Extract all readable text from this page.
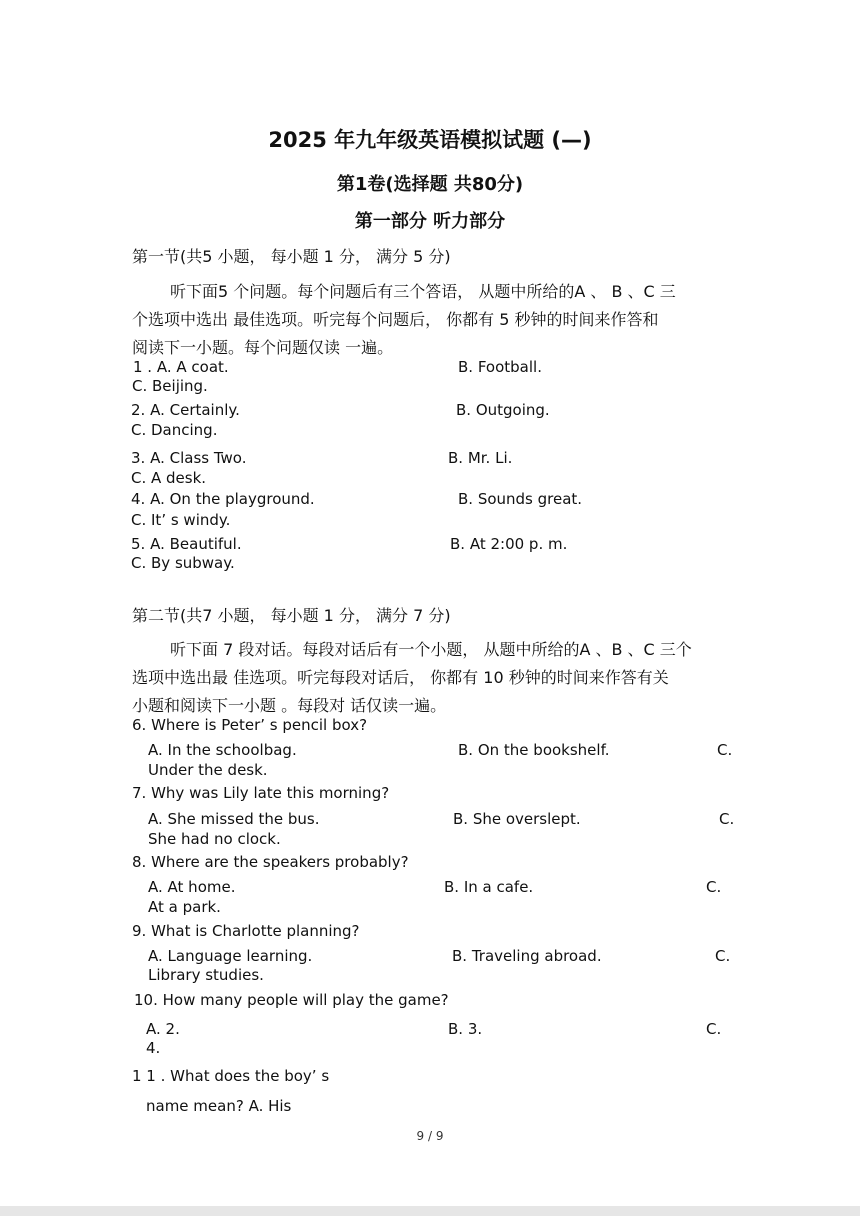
2025 年九年级英语模拟试题 (—)
第1卷(选择题 共80分)
第一部分 听力部分
第一节(共5 小题， 每小题 1 分， 满分 5 分)
听下面5 个问题。每个问题后有三个答语， 从题中所给的A 、 B 、C 三
个选项中选出 最佳选项。听完每个问题后， 你都有 5 秒钟的时间来作答和
阅读下一小题。每个问题仅读 一遍。
1 . A. A coat.	B. Football.
C. Beijing.
2. A. Certainly.	B. Outgoing.
C. Dancing.
3. A. Class Two.	B. Mr. Li.
C. A desk.
4. A. On the playground.	B. Sounds great.
C. It’ s windy.
5. A. Beautiful.	B. At 2:00 p. m.
C. By subway.
第二节(共7 小题， 每小题 1 分， 满分 7 分)
听下面 7 段对话。每段对话后有一个小题， 从题中所给的A 、B 、C 三个
选项中选出最 佳选项。听完每段对话后， 你都有 10 秒钟的时间来作答有关
小题和阅读下一小题 。每段对 话仅读一遍。
6. Where is Peter’ s pencil box?
A. In the schoolbag.	B. On the bookshelf.	C.
Under the desk.
7. Why was Lily late this morning?
A. She missed the bus.	B. She overslept.	C.
She had no clock.
8. Where are the speakers probably?
A. At home.	B. In a cafe.	C.
At a park.
9. What is Charlotte planning?
A. Language learning.	B. Traveling abroad.	C.
Library studies.
10. How many people will play the game?
A. 2.	B. 3.	C.
4.
1 1 . What does the boy’ s
name mean? A. His
9 / 9
